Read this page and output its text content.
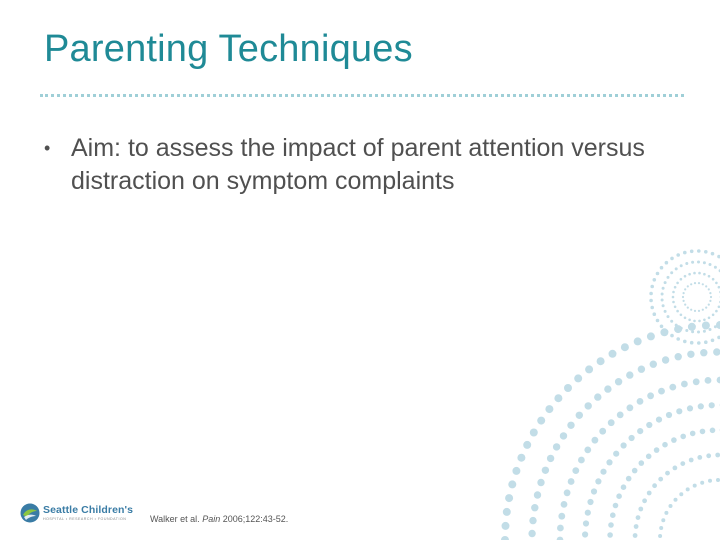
Parenting Techniques
• Aim: to assess the impact of parent attention versus distraction on symptom complaints
Seattle Children's
HOSPITAL • RESEARCH • FOUNDATION	Walker et al. Pain 2006;122:43-52.
